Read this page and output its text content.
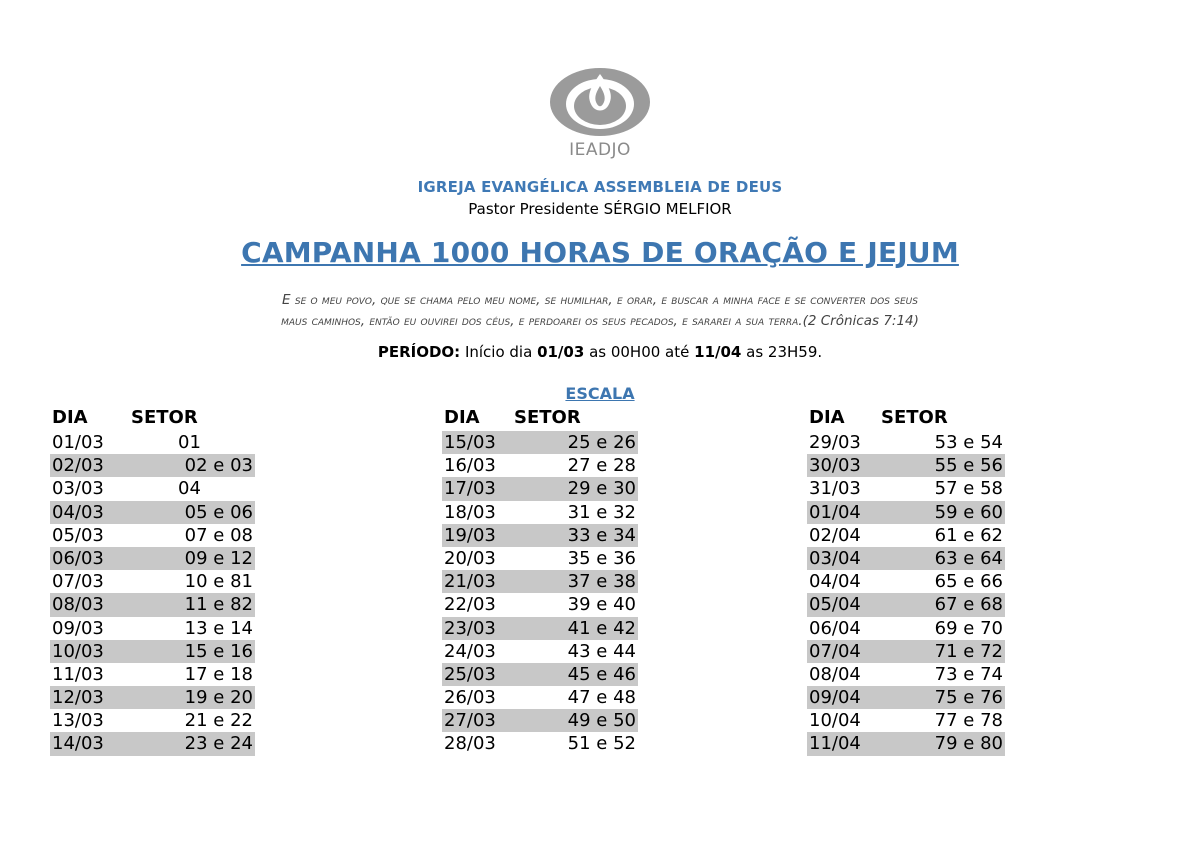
IEADJO
IGREJA EVANGÉLICA ASSEMBLEIA DE DEUS
Pastor Presidente SÉRGIO MELFIOR
CAMPANHA 1000 HORAS DE ORAÇÃO E JEJUM
E se o meu povo, que se chama pelo meu nome, se humilhar, e orar, e buscar a minha face e se converter dos seus
maus caminhos, então eu ouvirei dos céus, e perdoarei os seus pecados, e sararei a sua terra.(2 Crônicas 7:14)
PERÍODO: Início dia 01/03 as 00H00 até 11/04 as 23H59.
ESCALA
DIA SETOR
01/03	01
02/03	02 e 03
03/03	04
04/03	05 e 06
05/03	07 e 08
06/03	09 e 12
07/03	10 e 81
08/03	11 e 82
09/03	13 e 14
10/03	15 e 16
11/03	17 e 18
12/03	19 e 20
13/03	21 e 22
14/03	23 e 24
DIA SETOR
15/03	25 e 26
16/03	27 e 28
17/03	29 e 30
18/03	31 e 32
19/03	33 e 34
20/03	35 e 36
21/03	37 e 38
22/03	39 e 40
23/03	41 e 42
24/03	43 e 44
25/03	45 e 46
26/03	47 e 48
27/03	49 e 50
28/03	51 e 52
DIA SETOR
29/03	53 e 54
30/03	55 e 56
31/03	57 e 58
01/04	59 e 60
02/04	61 e 62
03/04	63 e 64
04/04	65 e 66
05/04	67 e 68
06/04	69 e 70
07/04	71 e 72
08/04	73 e 74
09/04	75 e 76
10/04	77 e 78
11/04	79 e 80
